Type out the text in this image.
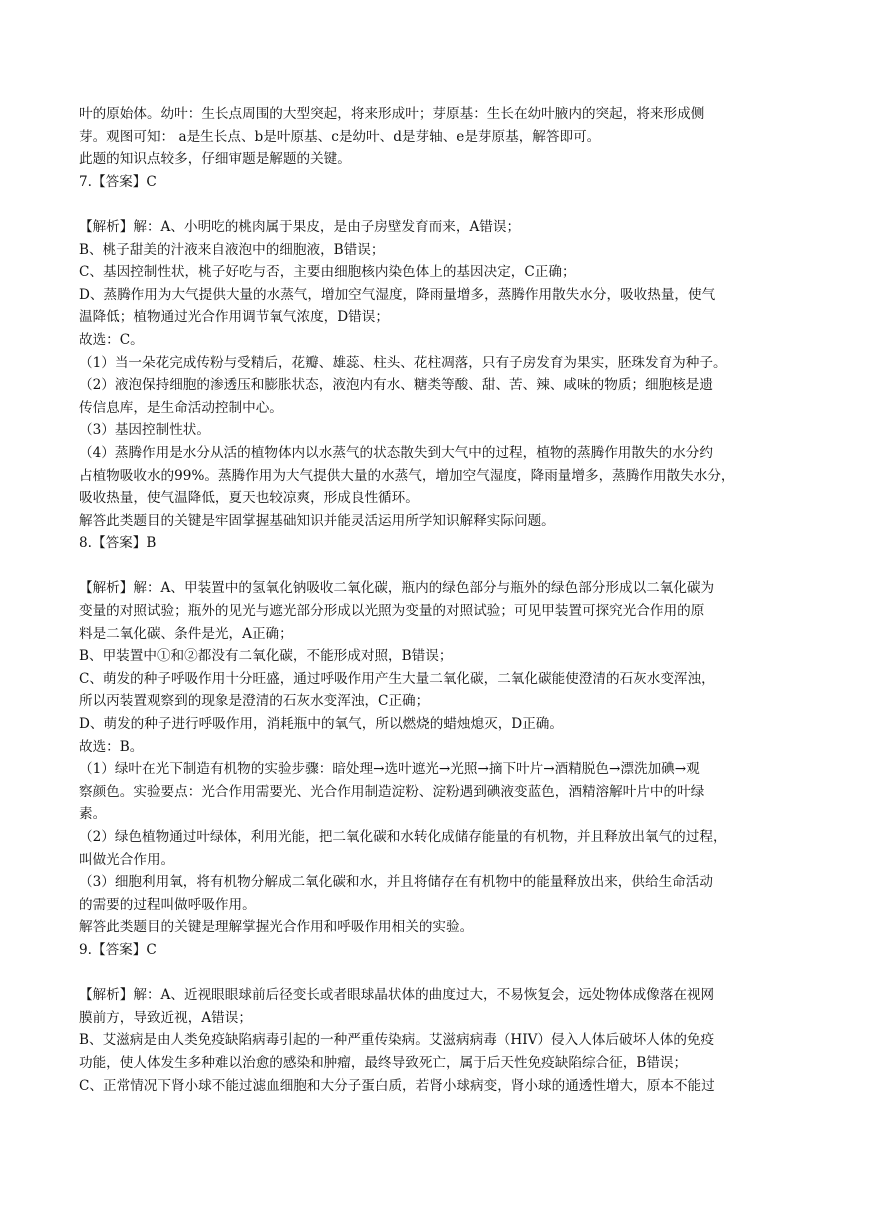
叶的原始体。幼叶：生长点周围的大型突起，将来形成叶；芽原基：生长在幼叶腋内的突起，将来形成侧
芽。观图可知： a是生长点、b是叶原基、c是幼叶、d是芽轴、e是芽原基，解答即可。
此题的知识点较多，仔细审题是解题的关键。
7.【答案】C
【解析】解：A、小明吃的桃肉属于果皮，是由子房壁发育而来，A错误；
B、桃子甜美的汁液来自液泡中的细胞液，B错误；
C、基因控制性状，桃子好吃与否，主要由细胞核内染色体上的基因决定，C正确；
D、蒸腾作用为大气提供大量的水蒸气，增加空气湿度，降雨量增多，蒸腾作用散失水分，吸收热量，使气
温降低；植物通过光合作用调节氧气浓度，D错误；
故选：C。
（1）当一朵花完成传粉与受精后，花瓣、雄蕊、柱头、花柱凋落，只有子房发育为果实，胚珠发育为种子。
（2）液泡保持细胞的渗透压和膨胀状态，液泡内有水、糖类等酸、甜、苦、辣、咸味的物质；细胞核是遗
传信息库，是生命活动控制中心。
（3）基因控制性状。
（4）蒸腾作用是水分从活的植物体内以水蒸气的状态散失到大气中的过程，植物的蒸腾作用散失的水分约
占植物吸收水的99%。蒸腾作用为大气提供大量的水蒸气，增加空气湿度，降雨量增多，蒸腾作用散失水分，
吸收热量，使气温降低，夏天也较凉爽，形成良性循环。
解答此类题目的关键是牢固掌握基础知识并能灵活运用所学知识解释实际问题。
8.【答案】B
【解析】解：A、甲装置中的氢氧化钠吸收二氧化碳，瓶内的绿色部分与瓶外的绿色部分形成以二氧化碳为
变量的对照试验；瓶外的见光与遮光部分形成以光照为变量的对照试验；可见甲装置可探究光合作用的原
料是二氧化碳、条件是光，A正确；
B、甲装置中①和②都没有二氧化碳，不能形成对照，B错误；
C、萌发的种子呼吸作用十分旺盛，通过呼吸作用产生大量二氧化碳，二氧化碳能使澄清的石灰水变浑浊，
所以丙装置观察到的现象是澄清的石灰水变浑浊，C正确；
D、萌发的种子进行呼吸作用，消耗瓶中的氧气，所以燃烧的蜡烛熄灭，D正确。
故选：B。
（1）绿叶在光下制造有机物的实验步骤：暗处理→选叶遮光→光照→摘下叶片→酒精脱色→漂洗加碘→观
察颜色。实验要点：光合作用需要光、光合作用制造淀粉、淀粉遇到碘液变蓝色，酒精溶解叶片中的叶绿
素。
（2）绿色植物通过叶绿体，利用光能，把二氧化碳和水转化成储存能量的有机物，并且释放出氧气的过程，
叫做光合作用。
（3）细胞利用氧，将有机物分解成二氧化碳和水，并且将储存在有机物中的能量释放出来，供给生命活动
的需要的过程叫做呼吸作用。
解答此类题目的关键是理解掌握光合作用和呼吸作用相关的实验。
9.【答案】C
【解析】解：A、近视眼眼球前后径变长或者眼球晶状体的曲度过大，不易恢复会，远处物体成像落在视网
膜前方，导致近视，A错误；
B、艾滋病是由人类免疫缺陷病毒引起的一种严重传染病。艾滋病病毒（HIV）侵入人体后破坏人体的免疫
功能，使人体发生多种难以治愈的感染和肿瘤，最终导致死亡，属于后天性免疫缺陷综合征，B错误；
C、正常情况下肾小球不能过滤血细胞和大分子蛋白质，若肾小球病变，肾小球的通透性增大，原本不能过
